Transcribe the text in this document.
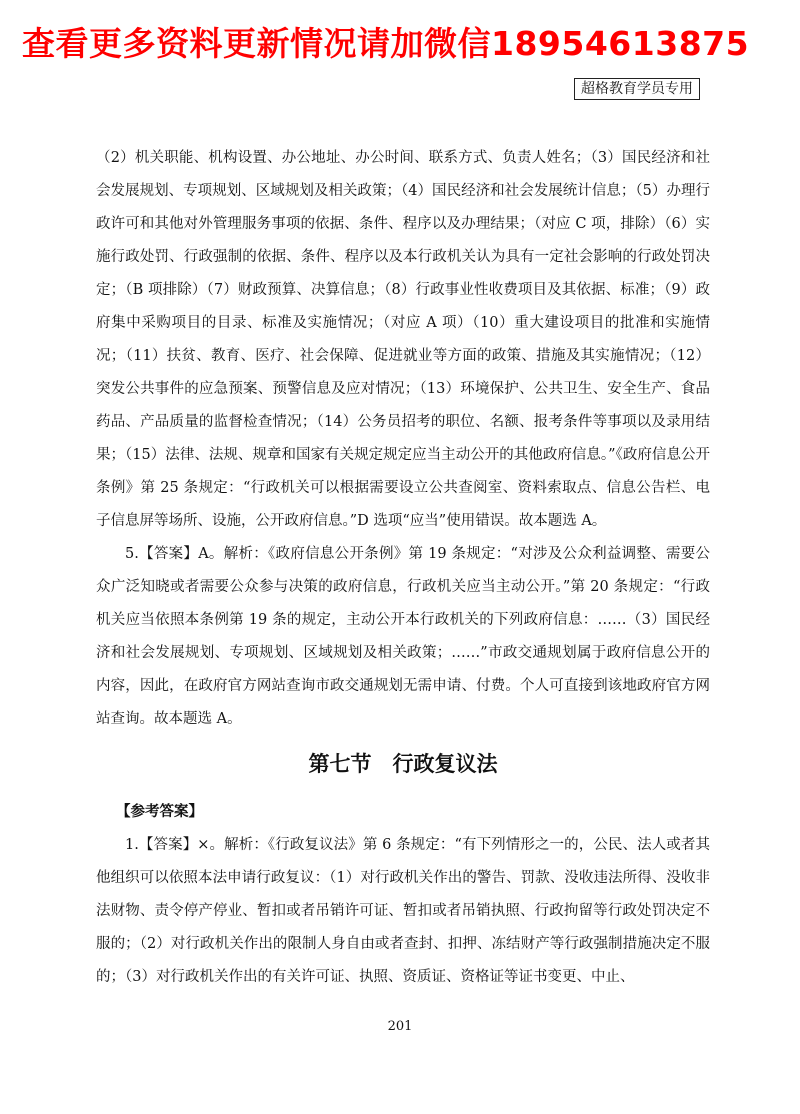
查看更多资料更新情况请加微信18954613875
超格教育学员专用

（2）机关职能、机构设置、办公地址、办公时间、联系方式、负责人姓名；（3）国民经济和社会发展规划、专项规划、区域规划及相关政策；（4）国民经济和社会发展统计信息；（5）办理行政许可和其他对外管理服务事项的依据、条件、程序以及办理结果；（对应 C 项，排除）（6）实施行政处罚、行政强制的依据、条件、程序以及本行政机关认为具有一定社会影响的行政处罚决定；（B 项排除）（7）财政预算、决算信息；（8）行政事业性收费项目及其依据、标准；（9）政府集中采购项目的目录、标准及实施情况；（对应 A 项）（10）重大建设项目的批准和实施情况；（11）扶贫、教育、医疗、社会保障、促进就业等方面的政策、措施及其实施情况；（12）突发公共事件的应急预案、预警信息及应对情况；（13）环境保护、公共卫生、安全生产、食品药品、产品质量的监督检查情况；（14）公务员招考的职位、名额、报考条件等事项以及录用结果；（15）法律、法规、规章和国家有关规定规定应当主动公开的其他政府信息。”《政府信息公开条例》第 25 条规定：“行政机关可以根据需要设立公共查阅室、资料索取点、信息公告栏、电子信息屏等场所、设施，公开政府信息。”D 选项“应当”使用错误。故本题选 A。

5.【答案】A。解析：《政府信息公开条例》第 19 条规定：“对涉及公众利益调整、需要公众广泛知晓或者需要公众参与决策的政府信息，行政机关应当主动公开。”第 20 条规定：“行政机关应当依照本条例第 19 条的规定，主动公开本行政机关的下列政府信息：……（3）国民经济和社会发展规划、专项规划、区域规划及相关政策；……”市政交通规划属于政府信息公开的内容，因此，在政府官方网站查询市政交通规划无需申请、付费。个人可直接到该地政府官方网站查询。故本题选 A。

第七节　行政复议法

【参考答案】

1.【答案】×。解析：《行政复议法》第 6 条规定：“有下列情形之一的，公民、法人或者其他组织可以依照本法申请行政复议：（1）对行政机关作出的警告、罚款、没收违法所得、没收非法财物、责令停产停业、暂扣或者吊销许可证、暂扣或者吊销执照、行政拘留等行政处罚决定不服的；（2）对行政机关作出的限制人身自由或者查封、扣押、冻结财产等行政强制措施决定不服的；（3）对行政机关作出的有关许可证、执照、资质证、资格证等证书变更、中止、

201
